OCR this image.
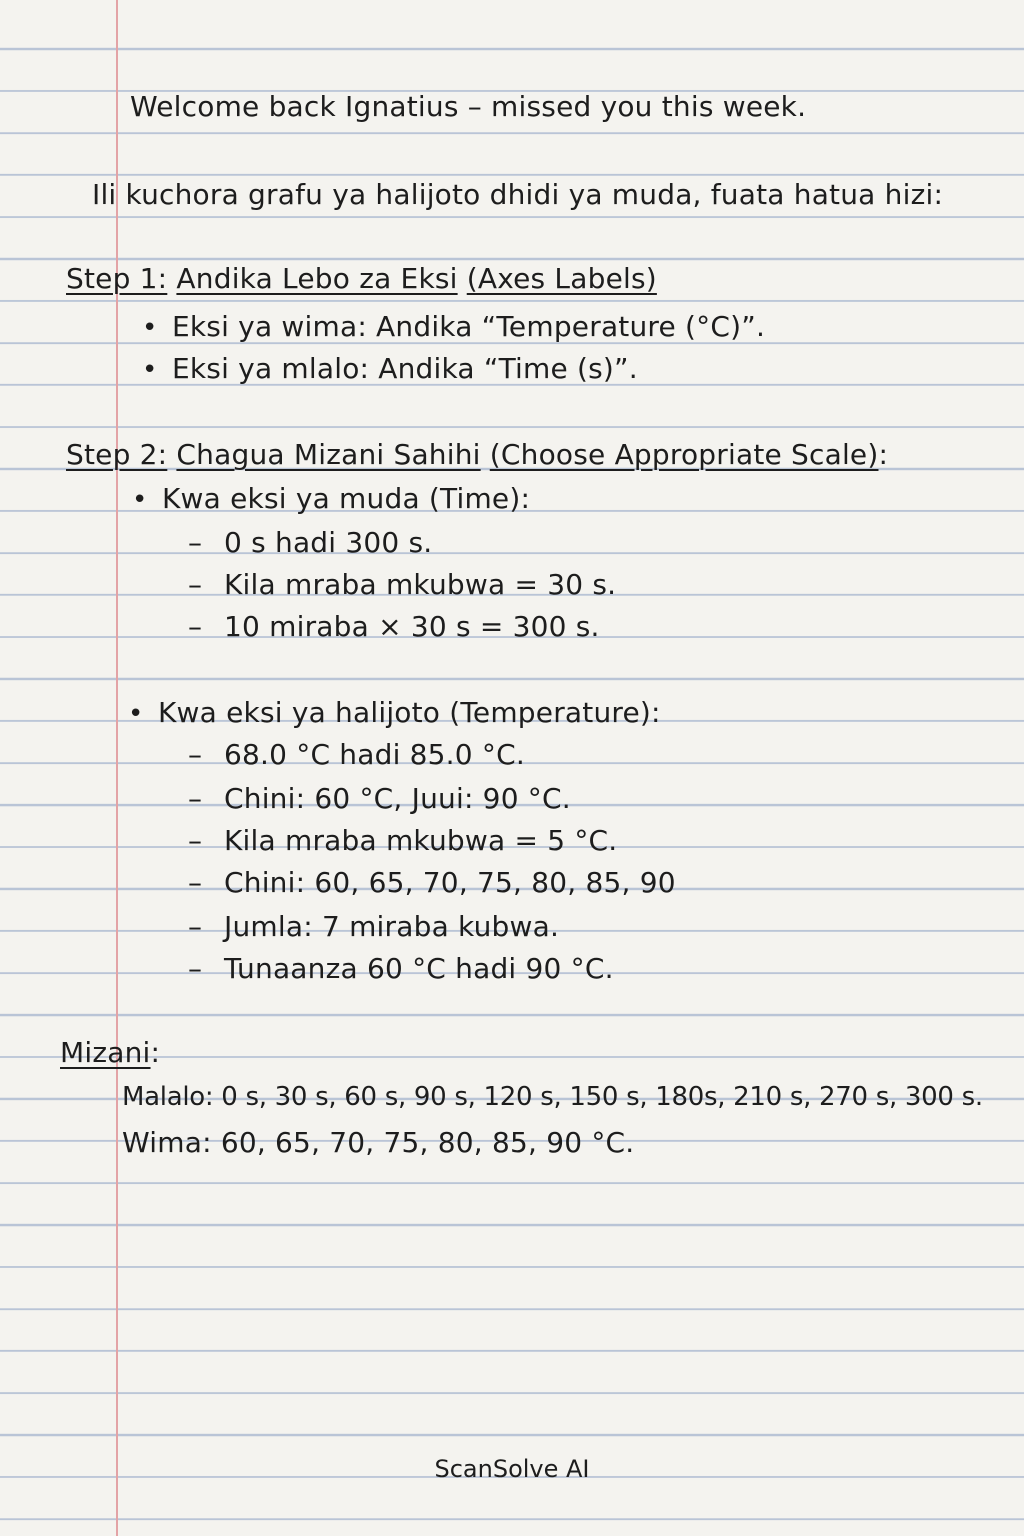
Welcome back Ignatius – missed you this week.
Ili kuchora grafu ya halijoto dhidi ya muda, fuata hatua hizi:
Step 1: Andika Lebo za Eksi (Axes Labels)
• Eksi ya wima: Andika “Temperature (°C)”.
• Eksi ya mlalo: Andika “Time (s)”.
Step 2: Chagua Mizani Sahihi (Choose Appropriate Scale):
• Kwa eksi ya muda (Time):
– 0 s hadi 300 s.
– Kila mraba mkubwa = 30 s.
– 10 miraba × 30 s = 300 s.
• Kwa eksi ya halijoto (Temperature):
– 68.0 °C hadi 85.0 °C.
– Chini: 60 °C, Juui: 90 °C.
– Kila mraba mkubwa = 5 °C.
– Chini: 60, 65, 70, 75, 80, 85, 90
– Jumla: 7 miraba kubwa.
– Tunaanza 60 °C hadi 90 °C.
Mizani:
Malalo: 0 s, 30 s, 60 s, 90 s, 120 s, 150 s, 180s, 210 s, 270 s, 300 s.
Wima: 60, 65, 70, 75, 80, 85, 90 °C.
ScanSolve AI
